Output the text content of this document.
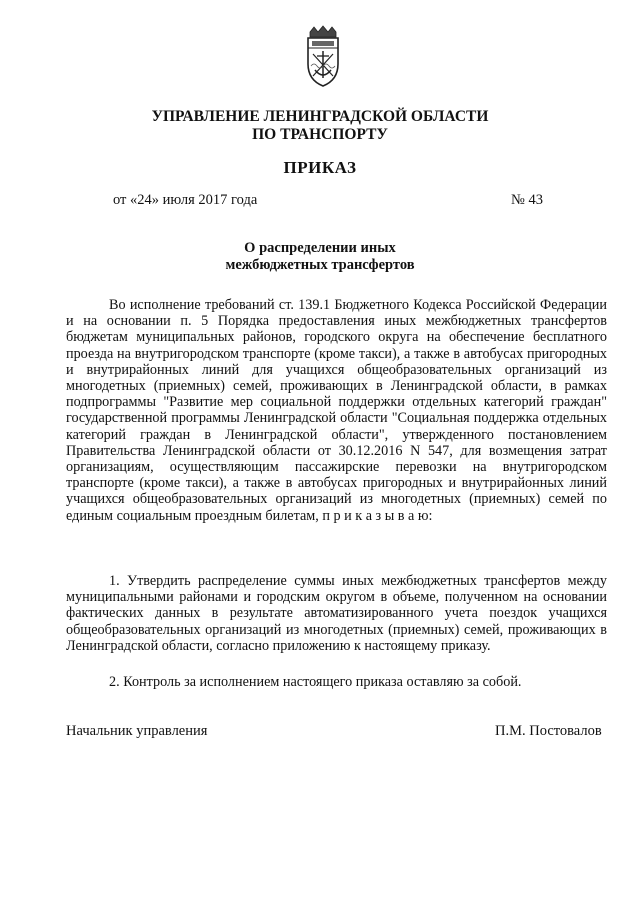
УПРАВЛЕНИЕ ЛЕНИНГРАДСКОЙ ОБЛАСТИ
ПО ТРАНСПОРТУ
ПРИКАЗ
от «24» июля 2017 года	№ 43
О распределении иных
межбюджетных трансфертов
Во исполнение требований ст. 139.1 Бюджетного Кодекса Российской Федерации и на основании п. 5 Порядка предоставления иных межбюджетных трансфертов бюджетам муниципальных районов, городского округа на обеспечение бесплатного проезда на внутригородском транспорте (кроме такси), а также в автобусах пригородных и внутрирайонных линий для учащихся общеобразовательных организаций из многодетных (приемных) семей, проживающих в Ленинградской области, в рамках подпрограммы "Развитие мер социальной поддержки отдельных категорий граждан" государственной программы Ленинградской области "Социальная поддержка отдельных категорий граждан в Ленинградской области", утвержденного постановлением Правительства Ленинградской области от 30.12.2016 N 547, для возмещения затрат организациям, осуществляющим пассажирские перевозки на внутригородском транспорте (кроме такси), а также в автобусах пригородных и внутрирайонных линий учащихся общеобразовательных организаций из многодетных (приемных) семей по единым социальным проездным билетам, п р и к а з ы в а ю:
1. Утвердить распределение суммы иных межбюджетных трансфертов между муниципальными районами и городским округом в объеме, полученном на основании фактических данных в результате автоматизированного учета поездок учащихся общеобразовательных организаций из многодетных (приемных) семей, проживающих в Ленинградской области, согласно приложению к настоящему приказу.
2. Контроль за исполнением настоящего приказа оставляю за собой.
Начальник управления	П.М. Постовалов
